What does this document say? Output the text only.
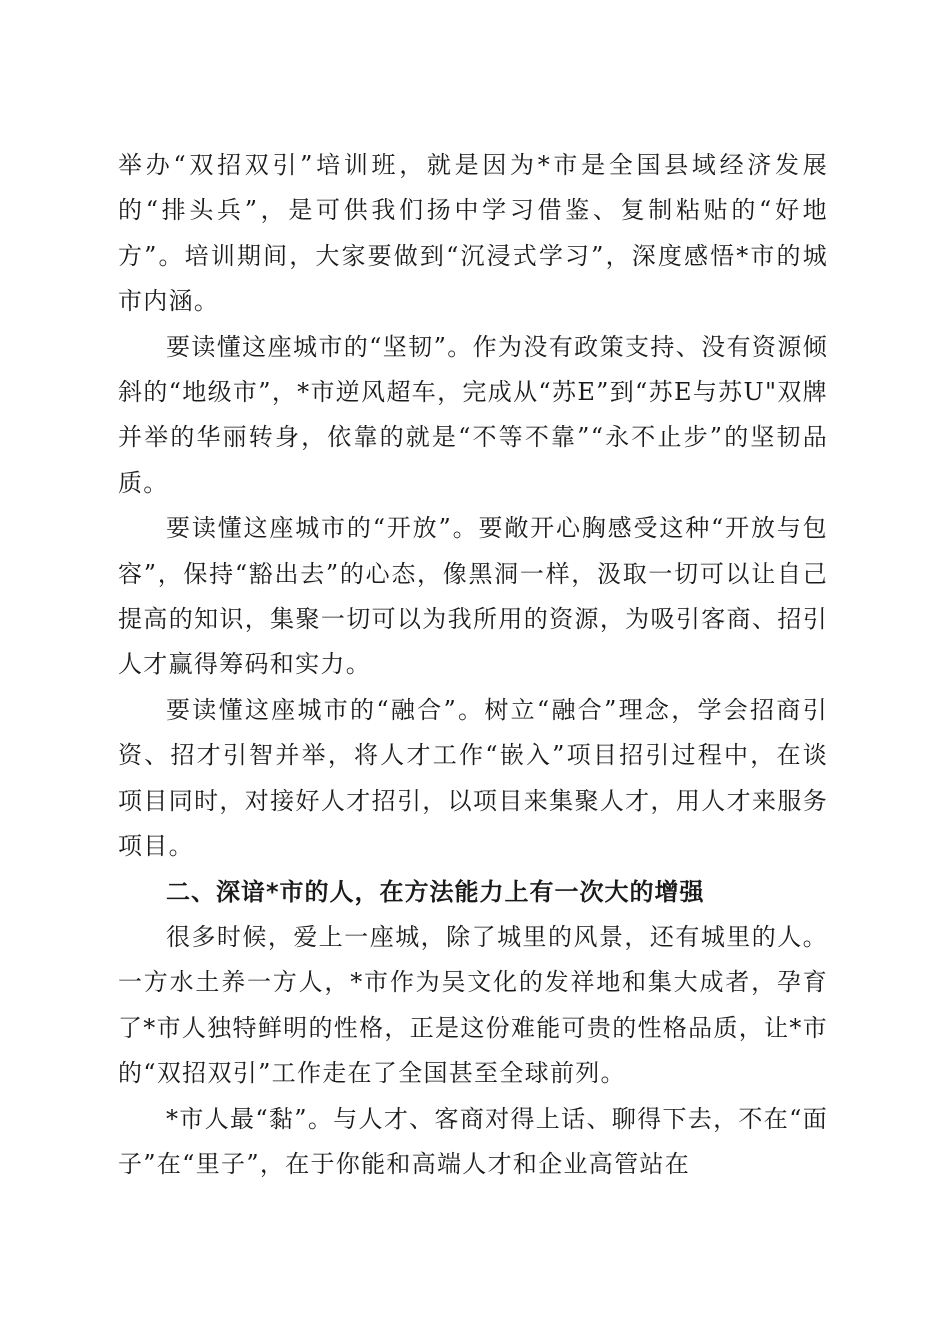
举办“双招双引”培训班，就是因为*市是全国县域经济发展的“排头兵”，是可供我们扬中学习借鉴、复制粘贴的“好地方”。培训期间，大家要做到“沉浸式学习”，深度感悟*市的城市内涵。

要读懂这座城市的“坚韧”。作为没有政策支持、没有资源倾斜的“地级市”，*市逆风超车，完成从“苏E”到“苏E与苏U"双牌并举的华丽转身，依靠的就是“不等不靠”“永不止步”的坚韧品质。

要读懂这座城市的“开放”。要敞开心胸感受这种“开放与包容”，保持“豁出去”的心态，像黑洞一样，汲取一切可以让自己提高的知识，集聚一切可以为我所用的资源，为吸引客商、招引人才赢得筹码和实力。

要读懂这座城市的“融合”。树立“融合”理念，学会招商引资、招才引智并举，将人才工作“嵌入”项目招引过程中，在谈项目同时，对接好人才招引，以项目来集聚人才，用人才来服务项目。

二、深谙*市的人，在方法能力上有一次大的增强

很多时候，爱上一座城，除了城里的风景，还有城里的人。一方水土养一方人，*市作为吴文化的发祥地和集大成者，孕育了*市人独特鲜明的性格，正是这份难能可贵的性格品质，让*市的“双招双引”工作走在了全国甚至全球前列。

*市人最“黏”。与人才、客商对得上话、聊得下去，不在“面子”在“里子”，在于你能和高端人才和企业高管站在
